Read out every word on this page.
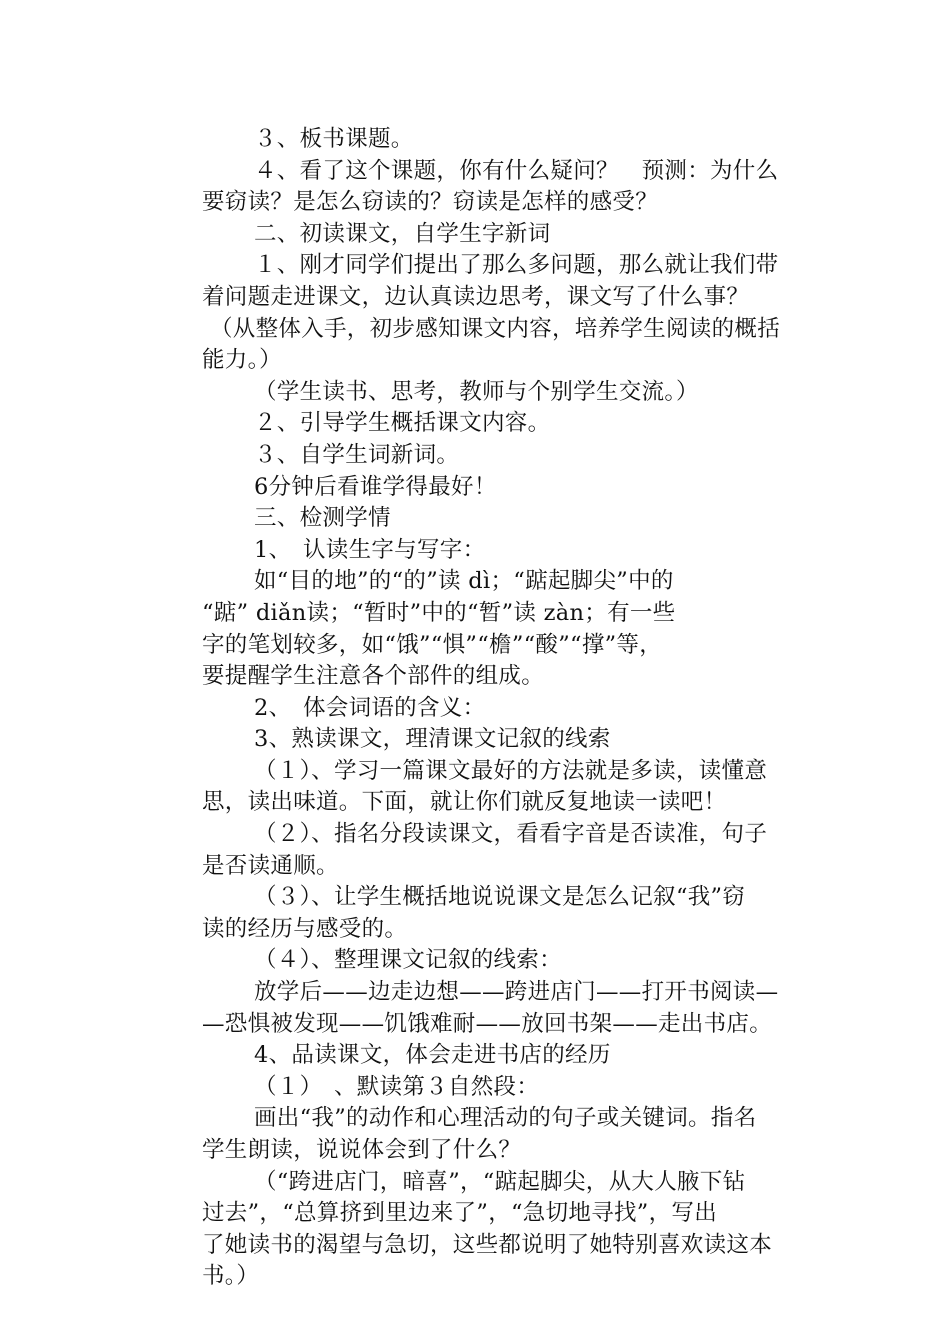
３、板书课题。
４、看了这个课题，你有什么疑问？　预测：为什么
要窃读？是怎么窃读的？窃读是怎样的感受？
二、初读课文，自学生字新词
１、刚才同学们提出了那么多问题，那么就让我们带
着问题走进课文，边认真读边思考，课文写了什么事？
（从整体入手，初步感知课文内容，培养学生阅读的概括
能力。）
（学生读书、思考，教师与个别学生交流。）
２、引导学生概括课文内容。
３、自学生词新词。
6分钟后看谁学得最好！
三、检测学情
1、　认读生字与写字：
如“目的地”的“的”读 dì；“踮起脚尖”中的
“踮” diǎn读；“暂时”中的“暂”读 zàn；有一些
字的笔划较多，如“饿”“惧”“檐”“酸”“撑”等，
要提醒学生注意各个部件的组成。
2、　体会词语的含义：
3、熟读课文，理清课文记叙的线索
（１）、学习一篇课文最好的方法就是多读，读懂意
思，读出味道。下面，就让你们就反复地读一读吧！
（２）、指名分段读课文，看看字音是否读准，句子
是否读通顺。
（３）、让学生概括地说说课文是怎么记叙“我”窃
读的经历与感受的。
（４）、整理课文记叙的线索：
放学后——边走边想——跨进店门——打开书阅读—
—恐惧被发现——饥饿难耐——放回书架——走出书店。
4、品读课文，体会走进书店的经历
（１）　、默读第３自然段：
画出“我”的动作和心理活动的句子或关键词。指名
学生朗读，说说体会到了什么？
（“跨进店门，暗喜”，“踮起脚尖，从大人腋下钻
过去”，“总算挤到里边来了”，“急切地寻找”，写出
了她读书的渴望与急切，这些都说明了她特别喜欢读这本
书。）
